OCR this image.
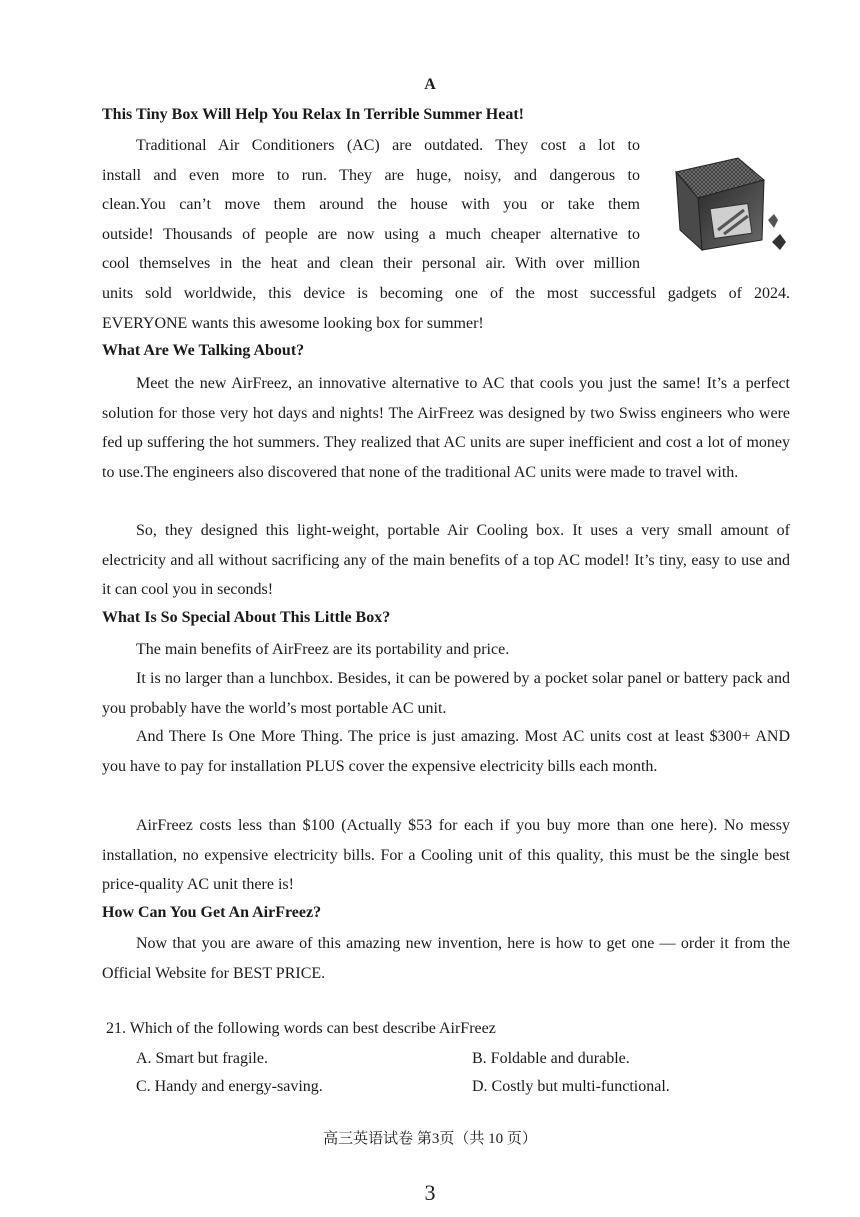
A
This Tiny Box Will Help You Relax In Terrible Summer Heat!
Traditional Air Conditioners (AC) are outdated. They cost a lot to
install and even more to run. They are huge, noisy, and dangerous to
clean.You can’t move them around the house with you or take them
outside! Thousands of people are now using a much cheaper alternative to
cool themselves in the heat and clean their personal air. With over million
units sold worldwide, this device is becoming one of the most successful gadgets of 2024.
EVERYONE wants this awesome looking box for summer!
What Are We Talking About?

Meet the new AirFreez, an innovative alternative to AC that cools you just the same! It’s a perfect solution for those very hot days and nights! The AirFreez was designed by two Swiss engineers who were fed up suffering the hot summers. They realized that AC units are super inefficient and cost a lot of money to use.The engineers also discovered that none of the traditional AC units were made to travel with.

So, they designed this light-weight, portable Air Cooling box. It uses a very small amount of electricity and all without sacrificing any of the main benefits of a top AC model! It’s tiny, easy to use and it can cool you in seconds!

What Is So Special About This Little Box?

The main benefits of AirFreez are its portability and price.

It is no larger than a lunchbox. Besides, it can be powered by a pocket solar panel or battery pack and you probably have the world’s most portable AC unit.

And There Is One More Thing. The price is just amazing. Most AC units cost at least $300+ AND you have to pay for installation PLUS cover the expensive electricity bills each month.

AirFreez costs less than $100 (Actually $53 for each if you buy more than one here). No messy installation, no expensive electricity bills. For a Cooling unit of this quality, this must be the single best price-quality AC unit there is!

How Can You Get An AirFreez?

Now that you are aware of this amazing new invention, here is how to get one — order it from the Official Website for BEST PRICE.

21. Which of the following words can best describe AirFreez
A. Smart but fragile.	B. Foldable and durable.
C. Handy and energy-saving.	D. Costly but multi-functional.
高三英语试卷 第3页（共 10 页）
3
